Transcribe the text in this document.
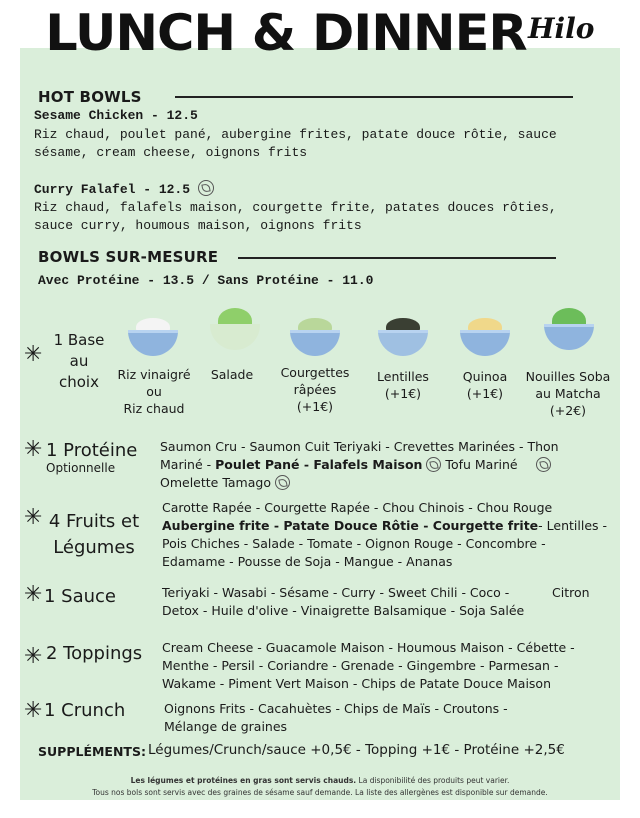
LUNCH & DINNER Hilo
HOT BOWLS
Sesame Chicken - 12.5
Riz chaud, poulet pané, aubergine frites, patate douce rôtie, sauce
sésame, cream cheese, oignons frits
Curry Falafel - 12.5
Riz chaud, falafels maison, courgette frite, patates douces rôties,
sauce curry, houmous maison, oignons frits
BOWLS SUR-MESURE
Avec Protéine - 13.5 / Sans Protéine - 11.0
✳
1 Base
au
choix	Riz vinaigré
ou
Riz chaud
Salade	Courgettes
râpées
(+1€)
Lentilles
(+1€)
Quinoa
(+1€)
Nouilles Soba
au Matcha
(+2€)
✳ 1 Protéine
Optionnelle
Saumon Cru - Saumon Cuit Teriyaki - Crevettes Marinées - Thon
Mariné - Poulet Pané - Falafels Maison Tofu Mariné
Omelette Tamago
✳ 4 Fruits et
Légumes
Carotte Rapée - Courgette Rapée - Chou Chinois - Chou Rouge
Aubergine frite - Patate Douce Rôtie - Courgette frite- Lentilles -
Pois Chiches - Salade - Tomate - Oignon Rouge - Concombre -
Edamame - Pousse de Soja - Mangue - Ananas
✳ 1 Sauce	Teriyaki - Wasabi - Sésame - Curry - Sweet Chili - Coco -	Citron
Detox - Huile d'olive - Vinaigrette Balsamique - Soja Salée
✳ 2 Toppings Cream Cheese - Guacamole Maison - Houmous Maison - Cébette -
Menthe - Persil - Coriandre - Grenade - Gingembre - Parmesan -
Wakame - Piment Vert Maison - Chips de Patate Douce Maison
✳ 1 Crunch	Oignons Frits - Cacahuètes - Chips de Maïs - Croutons -
Mélange de graines
SUPPLÉMENTS: Légumes/Crunch/sauce +0,5€ - Topping +1€ - Protéine +2,5€
Les légumes et protéines en gras sont servis chauds. La disponibilité des produits peut varier.
Tous nos bols sont servis avec des graines de sésame sauf demande. La liste des allergènes est disponible sur demande.
